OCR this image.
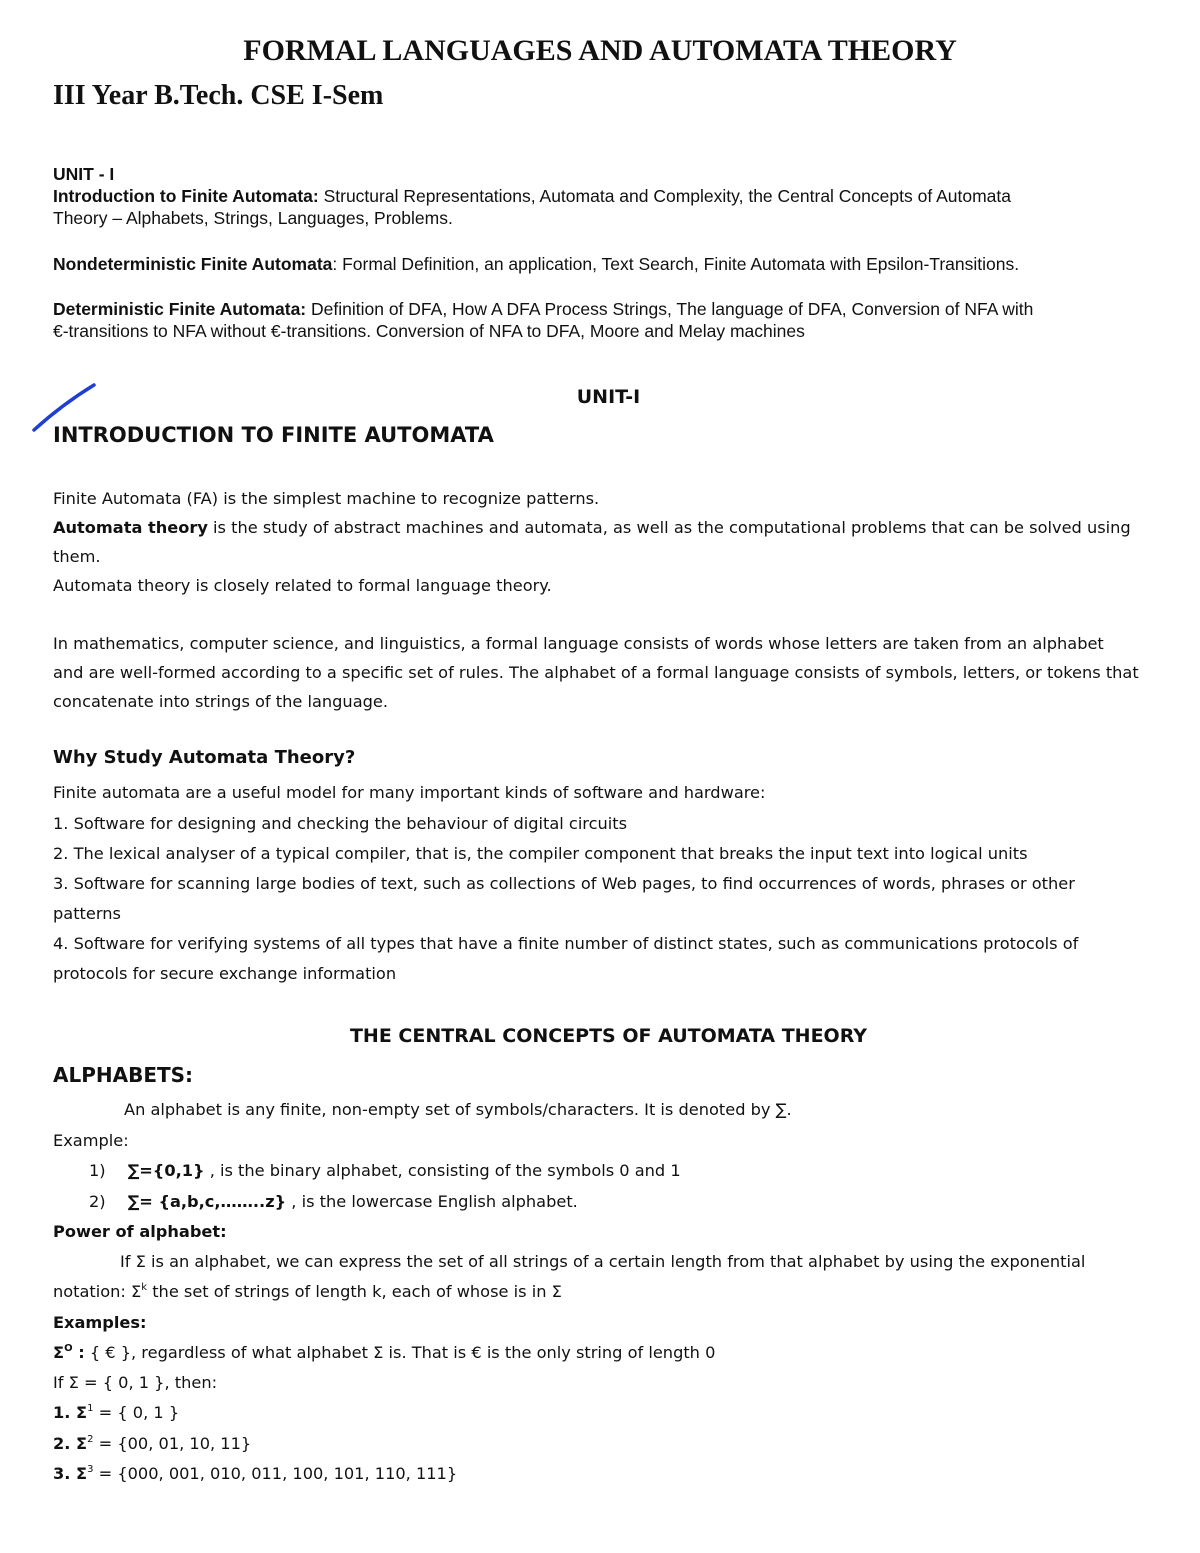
FORMAL LANGUAGES AND AUTOMATA THEORY
III Year B.Tech. CSE I-Sem
UNIT - I
Introduction to Finite Automata: Structural Representations, Automata and Complexity, the Central Concepts of Automata
Theory – Alphabets, Strings, Languages, Problems.
Nondeterministic Finite Automata: Formal Definition, an application, Text Search, Finite Automata with Epsilon-Transitions.
Deterministic Finite Automata: Definition of DFA, How A DFA Process Strings, The language of DFA, Conversion of NFA with
€-transitions to NFA without €-transitions. Conversion of NFA to DFA, Moore and Melay machines
UNIT-I
INTRODUCTION TO FINITE AUTOMATA
Finite Automata (FA) is the simplest machine to recognize patterns.
Automata theory is the study of abstract machines and automata, as well as the computational problems that can be solved using
them.
Automata theory is closely related to formal language theory.
In mathematics, computer science, and linguistics, a formal language consists of words whose letters are taken from an alphabet
and are well-formed according to a specific set of rules. The alphabet of a formal language consists of symbols, letters, or tokens that
concatenate into strings of the language.
Why Study Automata Theory?
Finite automata are a useful model for many important kinds of software and hardware:
1. Software for designing and checking the behaviour of digital circuits
2. The lexical analyser of a typical compiler, that is, the compiler component that breaks the input text into logical units
3. Software for scanning large bodies of text, such as collections of Web pages, to find occurrences of words, phrases or other
patterns
4. Software for verifying systems of all types that have a finite number of distinct states, such as communications protocols of
protocols for secure exchange information
THE CENTRAL CONCEPTS OF AUTOMATA THEORY
ALPHABETS:
An alphabet is any finite, non-empty set of symbols/characters. It is denoted by ∑.
Example:
1) ∑={0,1} , is the binary alphabet, consisting of the symbols 0 and 1
2) ∑= {a,b,c,……..z} , is the lowercase English alphabet.
Power of alphabet:
If Σ is an alphabet, we can express the set of all strings of a certain length from that alphabet by using the exponential
notation: $\Sigma^k$ the set of strings of length k, each of whose is in Σ
Examples:
$\Sigma^O$ : { € }, regardless of what alphabet Σ is. That is € is the only string of length 0
If Σ = { 0, 1 }, then:
1. $\Sigma^1$ = { 0, 1 }
2. $\Sigma^2 = \{00$, 01, 10, 11}
3. $\Sigma^3 = \{000$, 001, 010, 011, 100, 101, 110, 111}
